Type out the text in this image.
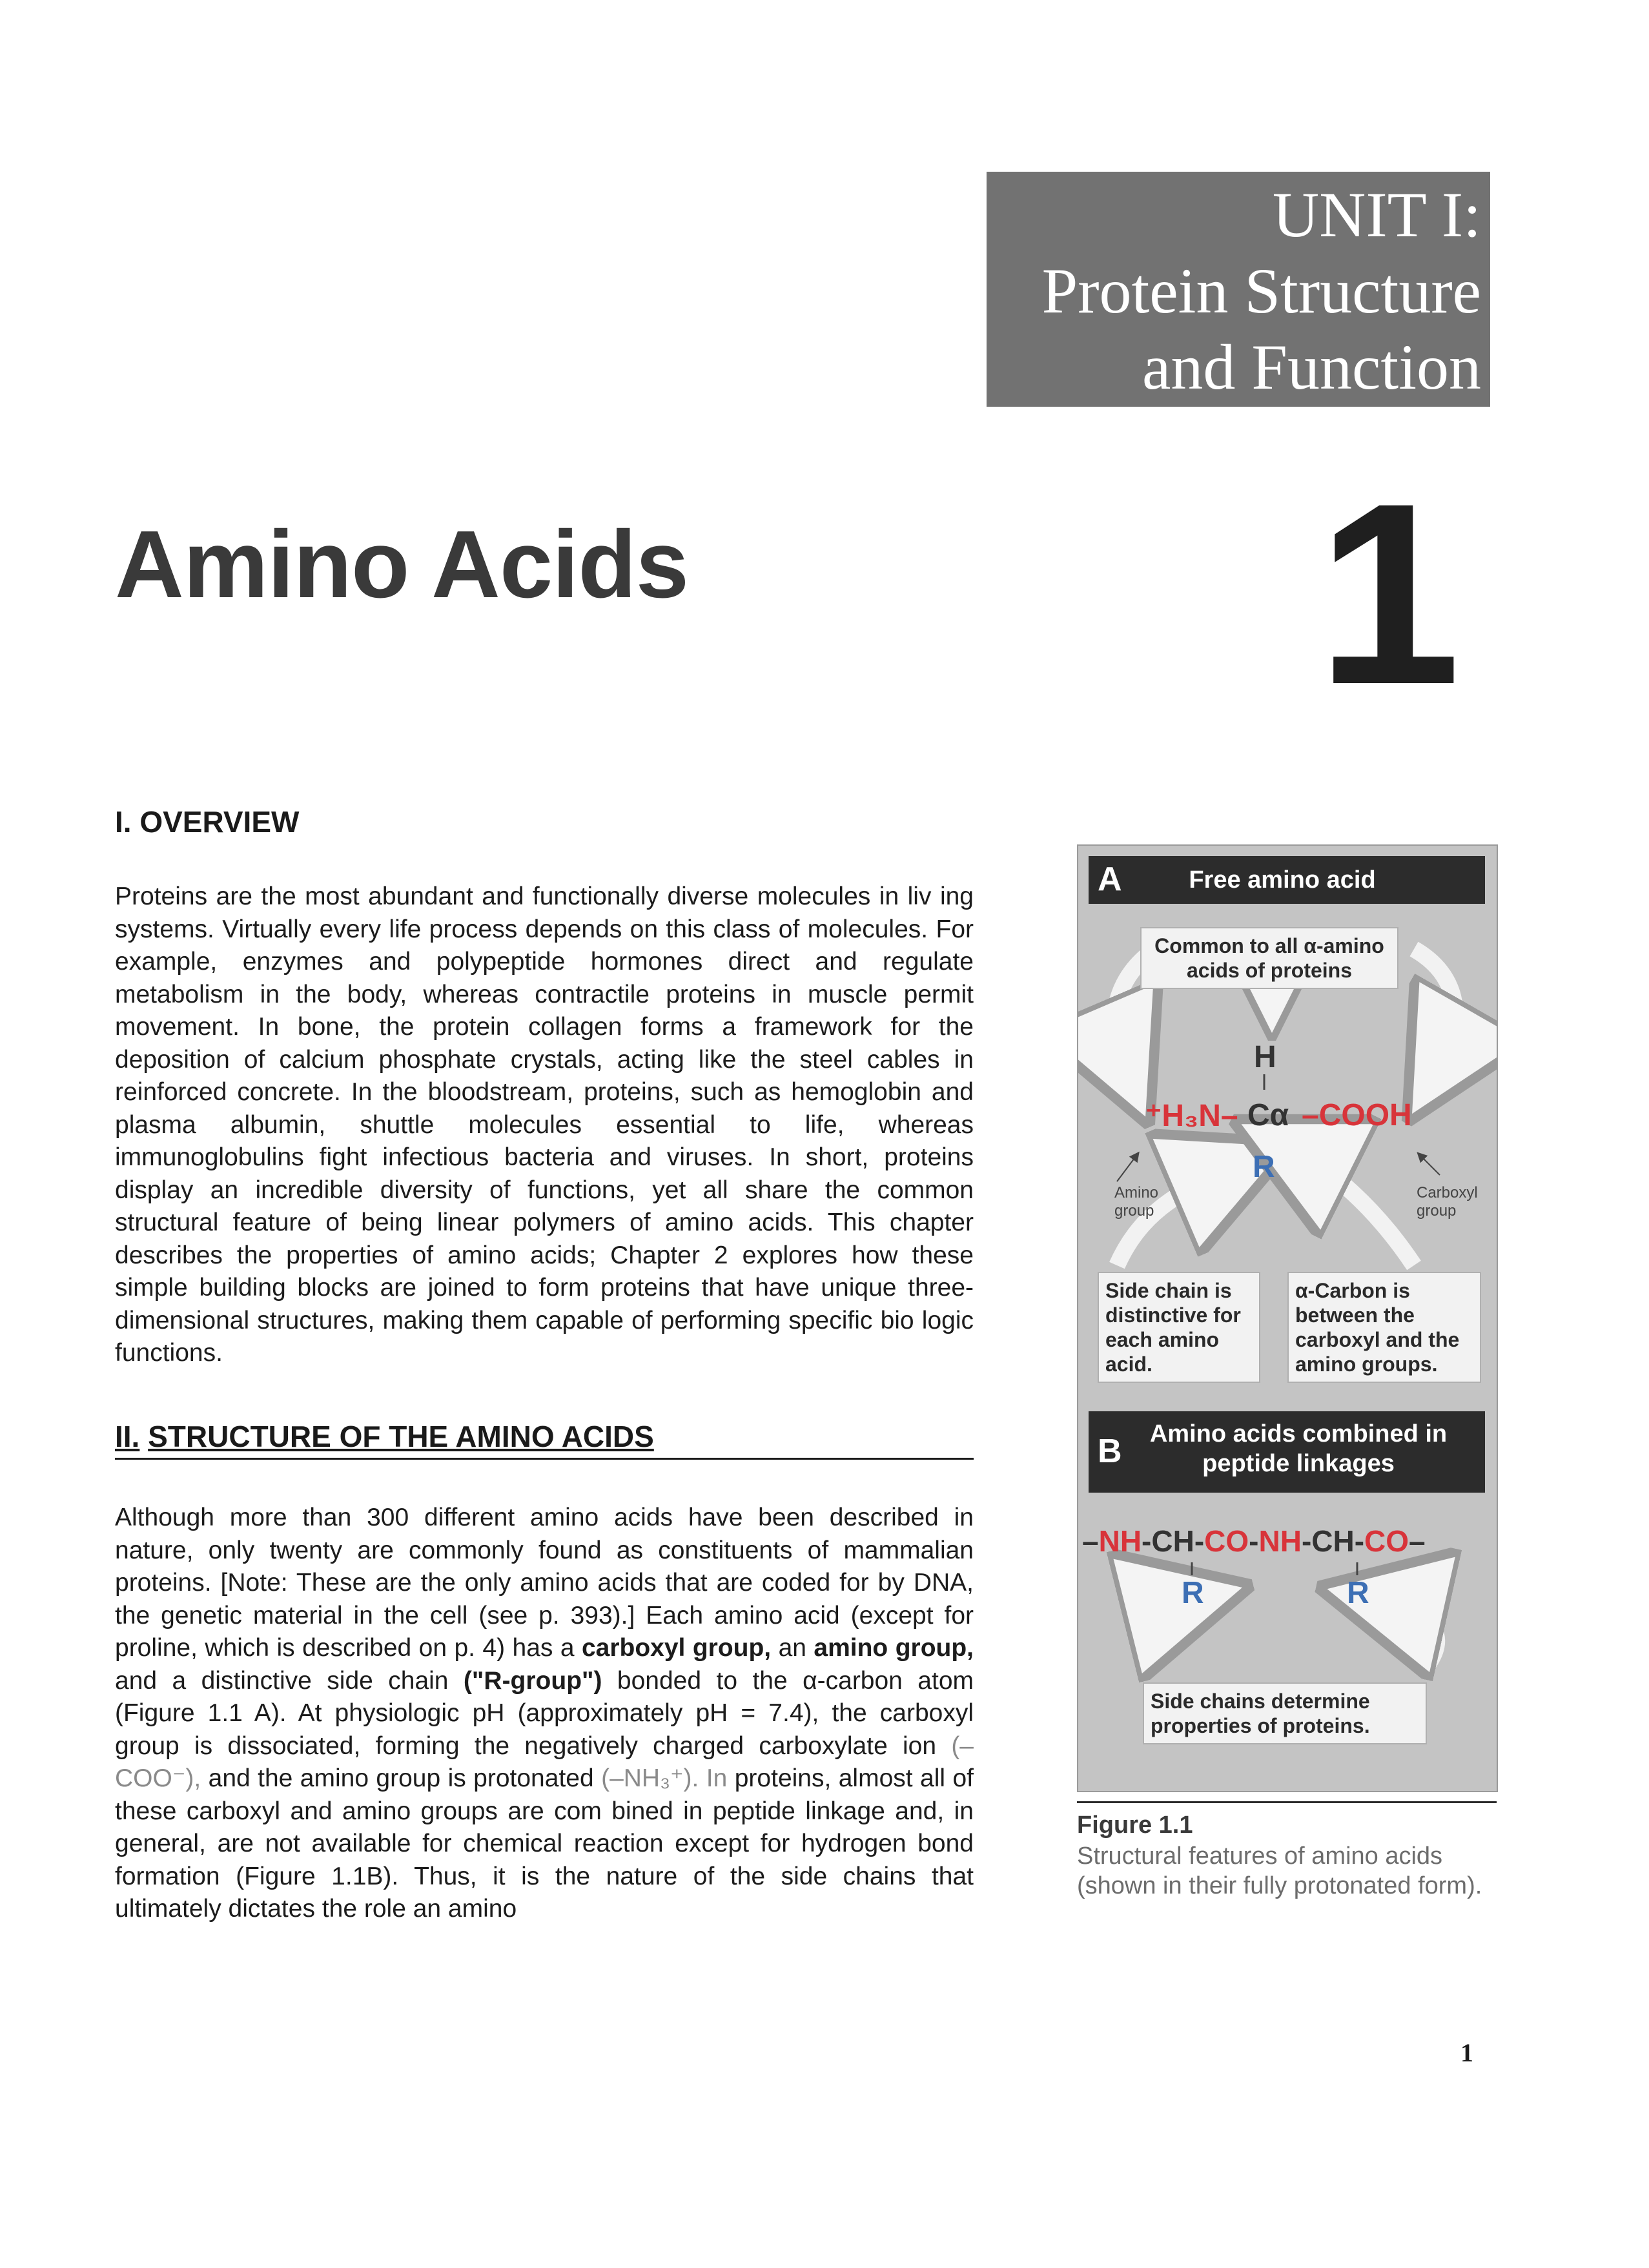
UNIT I:
Protein Structure
and Function
Amino Acids 1
I. OVERVIEW
Proteins are the most abundant and functionally diverse molecules in liv ing systems. Virtually every life process depends on this class of molecules. For example, enzymes and polypeptide hormones direct and regulate metabolism in the body, whereas contractile proteins in muscle permit movement. In bone, the protein collagen forms a framework for the deposition of calcium phosphate crystals, acting like the steel cables in reinforced concrete. In the bloodstream, proteins, such as hemoglobin and plasma albumin, shuttle molecules essential to life, whereas immunoglobulins fight infectious bacteria and viruses. In short, proteins display an incredible diversity of functions, yet all share the common structural feature of being linear polymers of amino acids. This chapter describes the properties of amino acids; Chapter 2 explores how these simple building blocks are joined to form proteins that have unique three-dimensional structures, making them capable of performing specific bio logic functions.
II. STRUCTURE OF THE AMINO ACIDS
Although more than 300 different amino acids have been described in nature, only twenty are commonly found as constituents of mammalian proteins. [Note: These are the only amino acids that are coded for by DNA, the genetic material in the cell (see p. 393).] Each amino acid (except for proline, which is described on p. 4) has a carboxyl group, an amino group, and a distinctive side chain ("R-group") bonded to the α-carbon atom (Figure 1.1 A). At physiologic pH (approximately pH = 7.4), the carboxyl group is dissociated, forming the negatively charged carboxylate ion (–COO⁻), and the amino group is protonated (–NH₃⁺). In proteins, almost all of these carboxyl and amino groups are com bined in peptide linkage and, in general, are not available for chemical reaction except for hydrogen bond formation (Figure 1.1B). Thus, it is the nature of the side chains that ultimately dictates the role an amino
A	Free amino acid
Common to all α-amino acids of proteins
H
⁺H₃N– Cα –COOH
R
Amino group
Carboxyl group
Side chain is distinctive for each amino acid.
α-Carbon is between the carboxyl and the amino groups.
B Amino acids combined in peptide linkages
–NH-CH-CO-NH-CH-CO–
R	R
Side chains determine properties of proteins.
Figure 1.1
Structural features of amino acids (shown in their fully protonated form).
1
